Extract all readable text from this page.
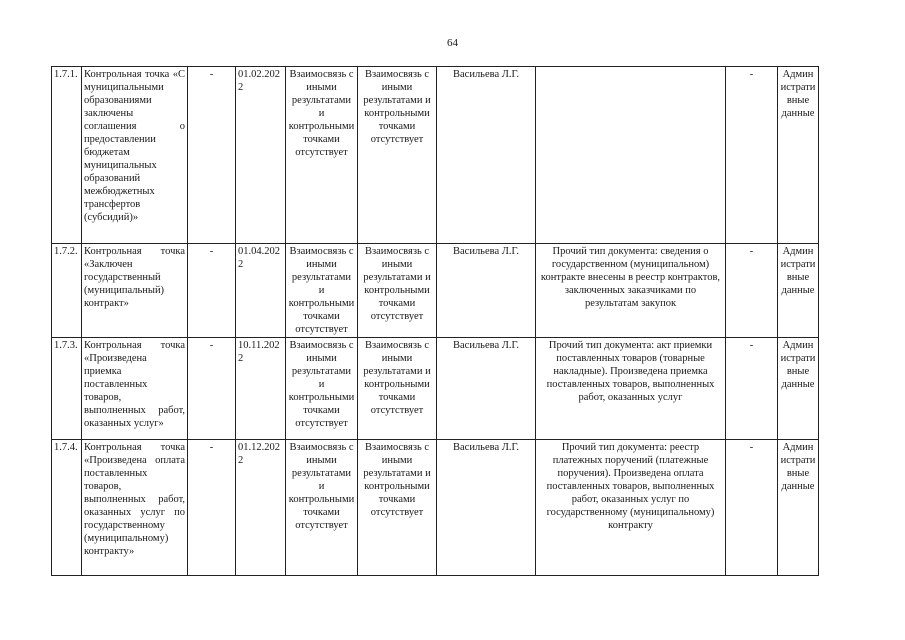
64
1.7.1.	Контрольная точка «С муниципальными образованиями заключены соглашения о предоставлении бюджетам муниципальных образований межбюджетных трансфертов (субсидий)»	-	01.02.2022	Взаимосвязь с иными результатами и контрольными точками отсутствует	Взаимосвязь с иными результатами и контрольными точками отсутствует	Васильева Л.Г.		-	Административные данные
1.7.2.	Контрольная точка «Заключен государственный (муниципальный) контракт»	-	01.04.2022	Взаимосвязь с иными результатами и контрольными точками отсутствует	Взаимосвязь с иными результатами и контрольными точками отсутствует	Васильева Л.Г.	Прочий тип документа: сведения о государственном (муниципальном) контракте внесены в реестр контрактов, заключенных заказчиками по результатам закупок	-	Административные данные
1.7.3.	Контрольная точка «Произведена приемка поставленных товаров, выполненных работ, оказанных услуг»	-	10.11.2022	Взаимосвязь с иными результатами и контрольными точками отсутствует	Взаимосвязь с иными результатами и контрольными точками отсутствует	Васильева Л.Г.	Прочий тип документа: акт приемки поставленных товаров (товарные накладные). Произведена приемка поставленных товаров, выполненных работ, оказанных услуг	-	Административные данные
1.7.4.	Контрольная точка «Произведена оплата поставленных товаров, выполненных работ, оказанных услуг по государственному (муниципальному) контракту»	-	01.12.2022	Взаимосвязь с иными результатами и контрольными точками отсутствует	Взаимосвязь с иными результатами и контрольными точками отсутствует	Васильева Л.Г.	Прочий тип документа: реестр платежных поручений (платежные поручения). Произведена оплата поставленных товаров, выполненных работ, оказанных услуг по государственному (муниципальному) контракту	-	Административные данные
